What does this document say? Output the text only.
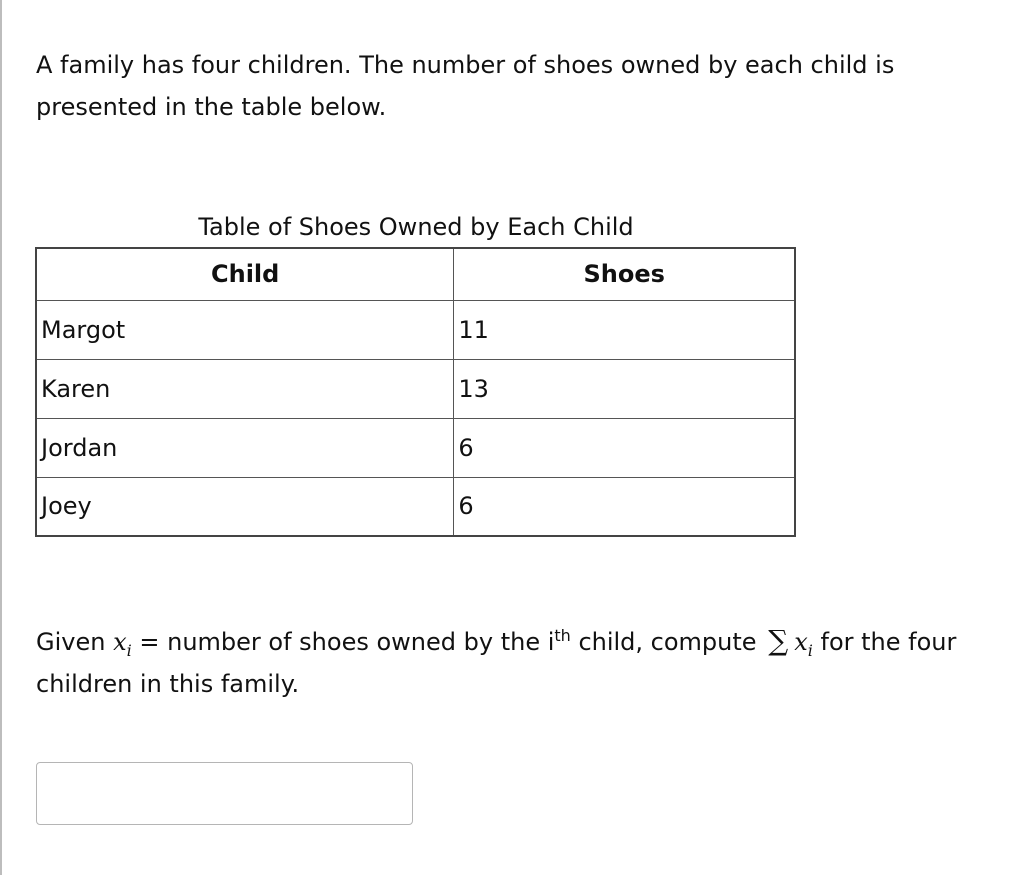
A family has four children. The number of shoes owned by each child is presented in the table below.

Table of Shoes Owned by Each Child

Child	Shoes
Margot	11
Karen	13
Jordan	6
Joey	6

Given $x_i$ = number of shoes owned by the $i^{th}$ child, compute ∑ $x_i$ for the four children in this family.
